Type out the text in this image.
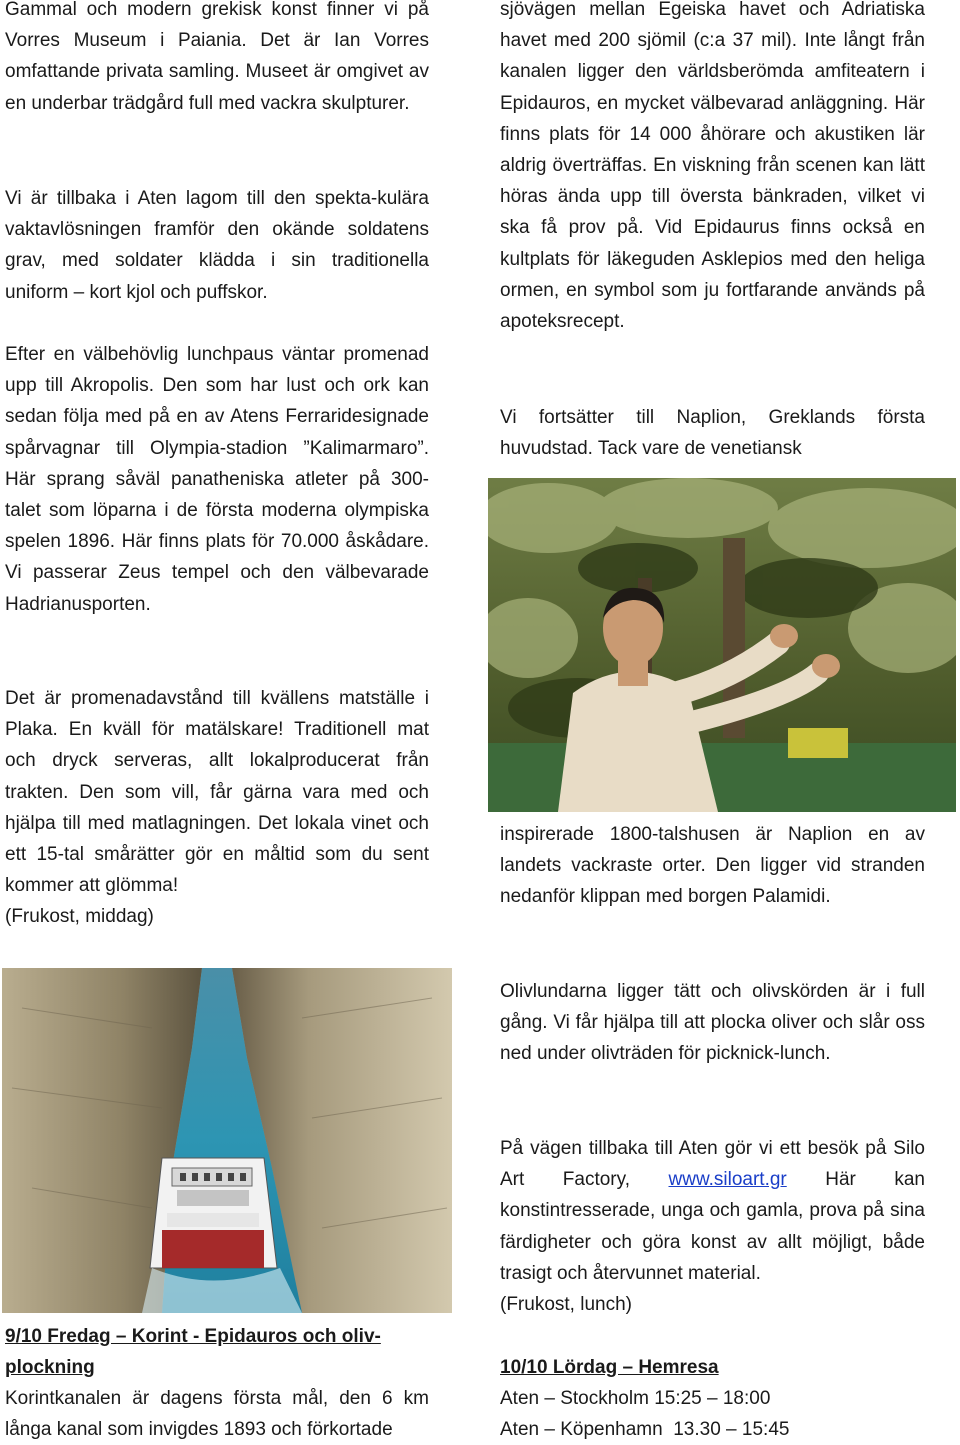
Gammal och modern grekisk konst finner vi på Vorres Museum i Paiania. Det är Ian Vorres omfattande privata samling. Museet är omgivet av en underbar trädgård full med vackra skulpturer.

Vi är tillbaka i Aten lagom till den spekta-kulära vaktavlösningen framför den okände soldatens grav, med soldater klädda i sin traditionella uniform – kort kjol och puffskor.

Efter en välbehövlig lunchpaus väntar promenad upp till Akropolis. Den som har lust och ork kan sedan följa med på en av Atens Ferraridesignade spårvagnar till Olympia-stadion ”Kalimarmaro”. Här sprang såväl panatheniska atleter på 300-talet som löparna i de första moderna olympiska spelen 1896. Här finns plats för 70.000 åskådare. Vi passerar Zeus tempel och den välbevarade Hadrianusporten.

Det är promenadavstånd till kvällens matställe i Plaka. En kväll för matälskare! Traditionell mat och dryck serveras, allt lokalproducerat från trakten. Den som vill, får gärna vara med och hjälpa till med matlagningen. Det lokala vinet och ett 15-tal smårätter gör en måltid som du sent kommer att glömma!

(Frukost, middag)

9/10 Fredag – Korint - Epidauros och oliv-plockning

Korintkanalen är dagens första mål, den 6 km långa kanal som invigdes 1893 och förkortade

sjövägen mellan Egeiska havet och Adriatiska havet med 200 sjömil (c:a 37 mil). Inte långt från kanalen ligger den världsberömda amfiteatern i Epidauros, en mycket välbevarad anläggning. Här finns plats för 14 000 åhörare och akustiken lär aldrig överträffas. En viskning från scenen kan lätt höras ända upp till översta bänkraden, vilket vi ska få prov på. Vid Epidaurus finns också en kultplats för läkeguden Asklepios med den heliga ormen, en symbol som ju fortfarande används på apoteksrecept.

Vi fortsätter till Naplion, Greklands första huvudstad. Tack vare de venetiansk

inspirerade 1800-talshusen är Naplion en av landets vackraste orter. Den ligger vid stranden nedanför klippan med borgen Palamidi.

Olivlundarna ligger tätt och olivskörden är i full gång. Vi får hjälpa till att plocka oliver och slår oss ned under olivträden för picknick-lunch.

På vägen tillbaka till Aten gör vi ett besök på Silo Art Factory, www.siloart.gr Här kan konstintresserade, unga och gamla, prova på sina färdigheter och göra konst av allt möjligt, både trasigt och återvunnet material.

(Frukost, lunch)

10/10 Lördag – Hemresa

Aten – Stockholm 15:25 – 18:00

Aten – Köpenhamn  13.30 – 15:45
